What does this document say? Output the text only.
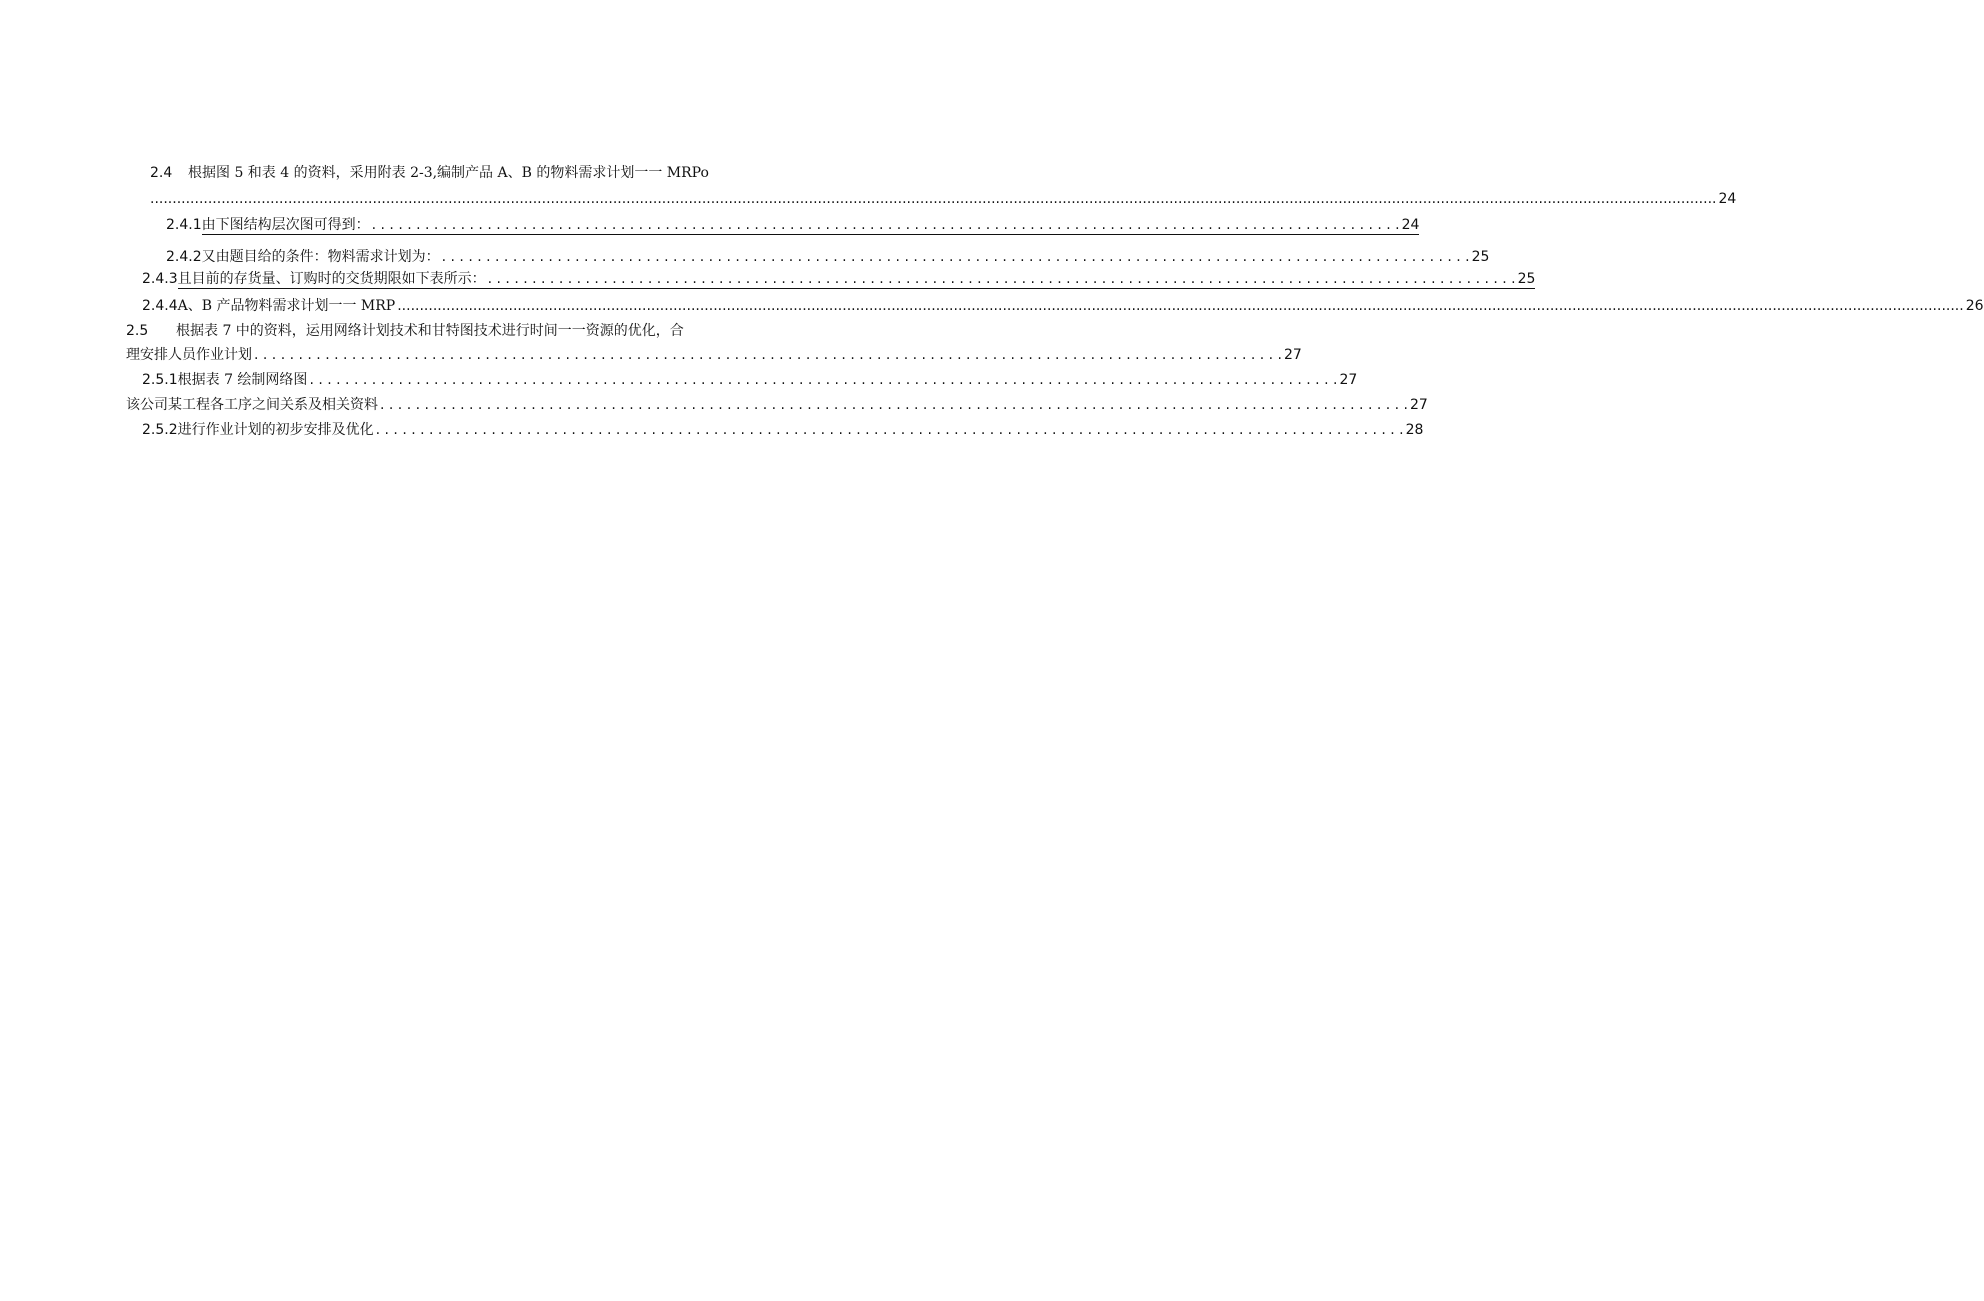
2.4	根据图 5 和表 4 的资料，采用附表 2-3,编制产品 A、B 的物料需求计划一一 MRPo
.....
24
2.4.1 由下图结构层次图可得到： . . .	24
2.4.2 又由题目给的条件：物料需求计划为： . . .	25
2.4.3 且目前的存货量、订购时的交货期限如下表所示： . . .	25
2.4.4 A、B 产品物料需求计划一一 MRP .....	26
2.5	根据表 7 中的资料，运用网络计划技术和甘特图技术进行时间一一资源的优化，合
理安排人员作业计划 . . .	27
2.5.1 根据表 7 绘制网络图 . . .	27
该公司某工程各工序之间关系及相关资料 . . .	27
2.5.2 进行作业计划的初步安排及优化 . . .	28
